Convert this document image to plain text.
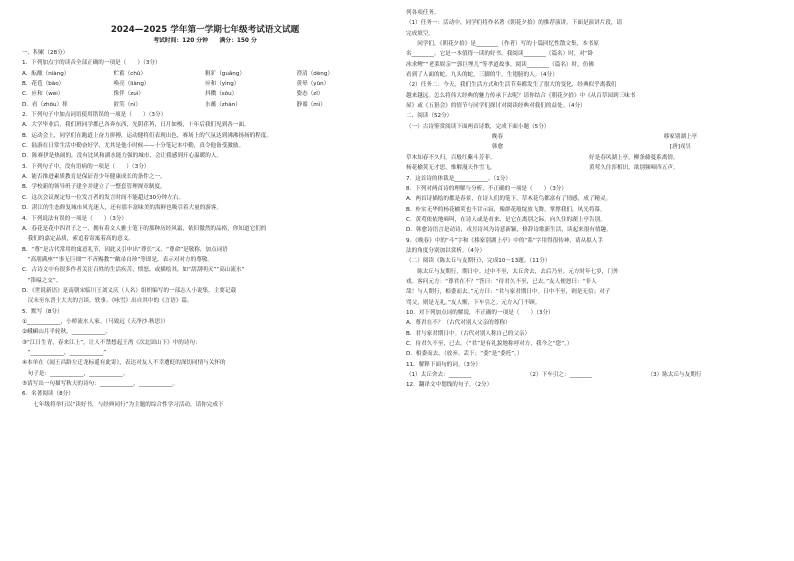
2024—2025 学年第一学期七年级考试语文试题
考试时间：120 分钟　　满分：150 分
一、积累（28分）
1．下列加点字的读音全部正确的一项是（　　）（3分）
A．酝酿（niàng）	贮蓄（chǔ）	粗犷（guǎng）	澄清（dèng）
B．花苞（bāo）	唤亮（liàng）	应和（yìng）	黄晕（yūn）
C．应和（wèi）	侏伴（zuì）	抖擞（sǒu）	姿态（zī）
D．看（zhōu）摔	匿笑（nì）	水蘸（zhàn）	静谧（mì）
2．下列句子中加点词语使用错误的一项是（　　）（3分）
A．大学毕业后，我们班同学都已各奔东西，光阴荏苒，日月如梭，十年后我们见到各一面。
B．运动会上，同学们在跑道上奋力拼搏，运动健将们表现出色，赛场上的气氛达到沸沸扬扬的程度。
C．陆游在日常生活中勤奋好学，尤其是他小时候——十分笔记本中勤，真令他备受激励。
D．陈赛伊是热闹的，没有比风和湖水能力强的城市，会让我感到开心温暖的人。
3．下列句子中，没有语病的一项是（　　）（3分）
A．能否推进素质教育是保证青少年健康成长的条件之一。
B．学校新的领导班子建全并建立了一整套管理规章制度。
C．这次会议规定每一位发言者的发言时间不能超过30分钟左右。
D．湛江的生态修复城市风光迷人，还有那丰富味美的海鲜也吸引着大量的游客。
4．下列说法有误的一项是（　　）（3分）
A．春花是花中四君子之一，拥有着文人雅士笔下的那种历经风霜，依旧傲然的品格，你知道它们的
　我们的嘉定品质，索追着寄寓着高的意义。
B．“尊”是古代常用的寓意礼节，因此又引申出“尊长”又、“尊命”是敬称，加点词语
　“高朋满座”“事无巨细”“不吝赐教”“敝帚自珍”等即是，表示对对方的尊敬。
C．古诗文中有很多作者关注百姓的生活疾苦，愤怒，或描绘其，如“刮刮明灭”“高山流水”
　“笛嗌之交”。
D．《世说新语》是南朝宋临川王刘义庆（人名）组织编写的一部志人小说集，主要记载
　汉末至东晋士大夫的言谈、轶事。《咏雪》出自其中的《言语》篇。
5．默写（8分）
①____________，小桥流水人家。（马致远《天净沙·秋思》）
②峨嵋山月半轮秋，____________。
③“江日生青，春来江上”，让人不禁想起王湾《次北固山下》中的诗句：
　“____________，____________”
④本单在《闻王昌龄左迁龙标遥有此寄》，表达对友人不幸遭贬的深切同情与关怀的
　句子是：____________，____________。
⑤请写出一句描写秋天的诗句：____________，____________。
6．名著阅读（8分）
　　七年级将举行以“读好书，与经典同行”为主题的综合性学习活动，请你完成下
列各项任务。
（1）任务一：活动中，同学们将作名著《朝花夕拾》的推荐演讲。下面是演讲片段，请
完成填空。
　　同学们，《朝花夕拾》是________（作者）写的十篇回忆性散文集，本书原
名________。它是一本值得一读的好书，我阅读________（篇名）时，对“卧
冰求鲤”“老莱娱亲”“郭巨埋儿”等孝道故事，阅读________（篇名）时，仿佛
看到了人面的蛇，九头的蛇，三脚的牛，生翅膀的人。（4分）
（2）任务二：今天，我们生活方式和生活节奏都发生了很大的变化，经典似乎离我们
越来越远。怎么将伟大经典的魅力传承下去呢？请你结合《朝花夕拾》中《从百草园到三味书
屋》或《五猖会》的情节与同学们探讨对阅读经典对我们的益处。（4分）
二、阅读（52分）
（一）古诗鉴赏阅读下面两首诗歌，完成下面小题（5分）
晚春	移家别湖上亭
韩愈	[唐]戎昱
草木知春不久归，百般红紫斗芳菲。	好是春风湖上亭，柳条藤蔓系离情。
杨花榆荚无才思，惟解漫天作雪飞。	黄莺久住浑相识，欲别频啼四五声。
7．这首诗的体裁是____________。（1分）
8．下列对两首诗的理解与分析，不正确的一项是（　　）（3分）
A．两首诗描绘的都是春景，在诗人们的笔下，草木花鸟都富有了情感，成了精灵。
B．朴实无华的杨花榆荚也不甘示寂，像群花般绽放飞舞，掌撑我们，风光将幕。
C．黄莺依依地啼叫，在诗人或是看来，是它在离别之际，向久住的湖上亭告别。
D．韩愈诗语言是动诗，戎昱诗风为诗意新颖，修辞诗歌新生活，读起来很有情趣。
9．《晚春》中的“斗”字和《移家别湖上亭》中的“系”字用得很传神，请从拟人手
法的角度分别加以赏析。（4分）
（二）阅读《陈太丘与友期行》，完成10～13题。（11分）
　　陈太丘与友期行，期日中。过中不至，太丘舍去，去后乃至。元方时年七岁，门外
戏。客问元方：“尊君在不？”答曰：“待君久不至，已去。”友人便怒曰：“非人
哉！与人期行，相委而去。”元方曰：“君与家君期日中。日中不至，则是无信；对子
骂父，则是无礼。”友人惭，下车引之。元方入门不顾。
10．对下列加点词的解说，不正确的一项是（　　）（3分）
A．尊君在不？（古代对别人父亲的尊称）
B．君与家君期日中。（古代对别人称自己的父亲）
C．待君久不至，已去。（“君”是有礼貌地称呼对方，我今之“您”。）
D．相委而去。（放弃、丢下；“委”是“委托”。）
11．解释下面句的词。（3分）
（1）太丘舍去：________	（2）下车引之：________	（3）陈太丘与友期行
12．翻译文中划线的句子。（2分）
